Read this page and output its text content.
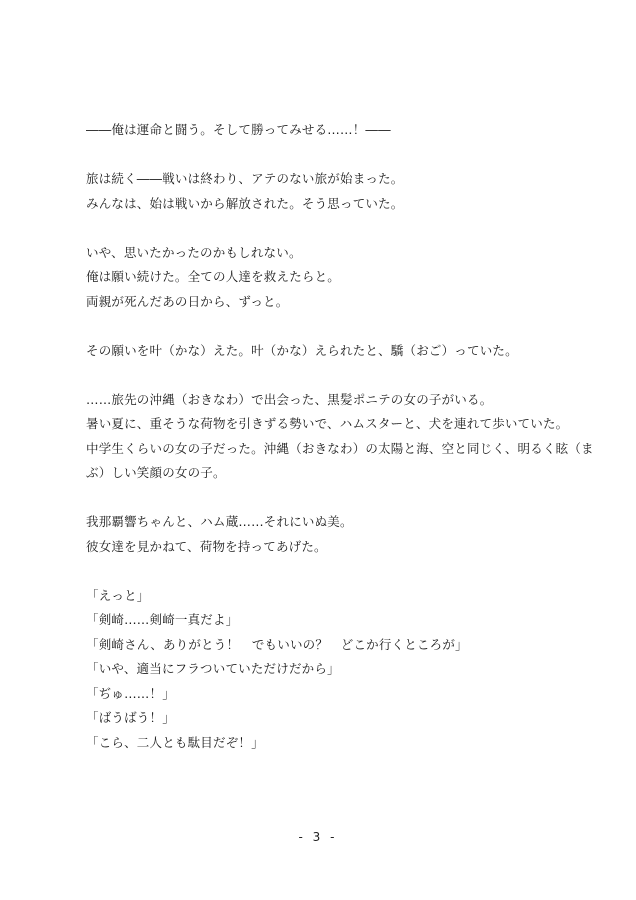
――俺は運命と闘う。そして勝ってみせる……！――
旅は続く――戦いは終わり、アテのない旅が始まった。
みんなは、始は戦いから解放された。そう思っていた。
いや、思いたかったのかもしれない。
俺は願い続けた。全ての人達を救えたらと。
両親が死んだあの日から、ずっと。
その願いを叶（かな）えた。叶（かな）えられたと、驕（おご）っていた。
……旅先の沖縄（おきなわ）で出会った、黒髪ポニテの女の子がいる。
暑い夏に、重そうな荷物を引きずる勢いで、ハムスターと、犬を連れて歩いていた。
中学生くらいの女の子だった。沖縄（おきなわ）の太陽と海、空と同じく、明るく眩（ま
ぶ）しい笑顔の女の子。
我那覇響ちゃんと、ハム蔵……それにいぬ美。
彼女達を見かねて、荷物を持ってあげた。
「えっと」
「剣崎……剣崎一真だよ」
「剣崎さん、ありがとう！　でもいいの？　どこか行くところが」
「いや、適当にフラついていただけだから」
「ぢゅ……！」
「ばうばう！」
「こら、二人とも駄目だぞ！」
- 3 -
